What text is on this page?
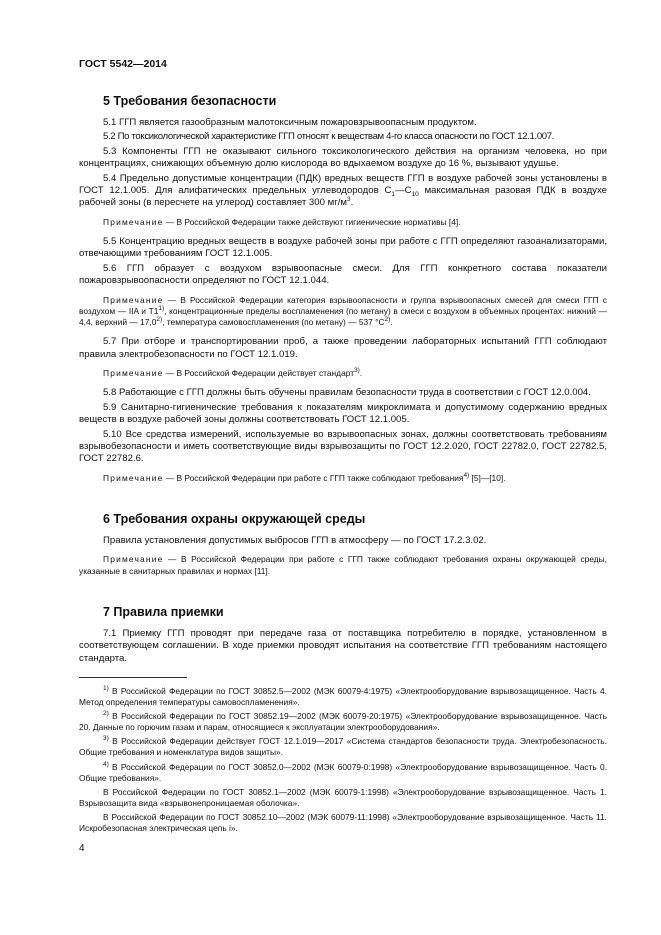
ГОСТ 5542—2014
5 Требования безопасности

5.1 ГГП является газообразным малотоксичным пожаровзрывоопасным продуктом.

5.2 По токсикологической характеристике ГГП относят к веществам 4-го класса опасности по ГОСТ 12.1.007.

5.3 Компоненты ГГП не оказывают сильного токсикологического действия на организм человека, но при концентрациях, снижающих объемную долю кислорода во вдыхаемом воздухе до 16 %, вызывают удушье.

5.4 Предельно допустимые концентрации (ПДК) вредных веществ ГГП в воздухе рабочей зоны установлены в ГОСТ 12.1.005. Для алифатических предельных углеводородов $C_1—C_{10}$ максимальная разовая ПДК в воздухе рабочей зоны (в пересчете на углерод) составляет 300 $мг/м^3$.

Примечание — В Российской Федерации также действуют гигиенические нормативы [4].

5.5 Концентрацию вредных веществ в воздухе рабочей зоны при работе с ГГП определяют газоанализаторами, отвечающими требованиям ГОСТ 12.1.005.

5.6 ГГП образует с воздухом взрывоопасные смеси. Для ГГП конкретного состава показатели пожаровзрывоопасности определяют по ГОСТ 12.1.044.

Примечание — В Российской Федерации категория взрывоопасности и группа взрывоопасных смесей для смеси ГГП с воздухом — IIA и T1$^{1)}$, концентрационные пределы воспламенения (по метану) в смеси с воздухом в объемных процентах: нижний — 4,4, верхний — 17,0$^{2)}$, температура самовоспламенения (по метану) — 537 $^\circ C^{2)}$.

5.7 При отборе и транспортировании проб, а также проведении лабораторных испытаний ГГП соблюдают правила электробезопасности по ГОСТ 12.1.019.

Примечание — В Российской Федерации действует стандарт$^{3)}$.

5.8 Работающие с ГГП должны быть обучены правилам безопасности труда в соответствии с ГОСТ 12.0.004.

5.9 Санитарно-гигиенические требования к показателям микроклимата и допустимому содержанию вредных веществ в воздухе рабочей зоны должны соответствовать ГОСТ 12.1.005.

5.10 Все средства измерений, используемые во взрывоопасных зонах, должны соответствовать требованиям взрывобезопасности и иметь соответствующие виды взрывозащиты по ГОСТ 12.2.020, ГОСТ 22782.0, ГОСТ 22782.5, ГОСТ 22782.6.

Примечание — В Российской Федерации при работе с ГГП также соблюдают требования$^{4)}$ [5]—[10].

6 Требования охраны окружающей среды

Правила установления допустимых выбросов ГГП в атмосферу — по ГОСТ 17.2.3.02.

Примечание — В Российской Федерации при работе с ГГП также соблюдают требования охраны окружающей среды, указанные в санитарных правилах и нормах [11].

7 Правила приемки

7.1 Приемку ГГП проводят при передаче газа от поставщика потребителю в порядке, установленном в соответствующем соглашении. В ходе приемки проводят испытания на соответствие ГГП требованиям настоящего стандарта.

$^{1)}$ В Российской Федерации по ГОСТ 30852.5—2002 (МЭК 60079-4:1975) «Электрооборудование взрывозащищенное. Часть 4. Метод определения температуры самовоспламенения».

$^{2)}$ В Российской Федерации по ГОСТ 30852.19—2002 (МЭК 60079-20:1975) «Электрооборудование взрывозащищенное. Часть 20. Данные по горючим газам и парам, относящиеся к эксплуатации электрооборудования».

$^{3)}$ В Российской Федерации действует ГОСТ 12.1.019—2017 «Система стандартов безопасности труда. Электробезопасность. Общие требования и номенклатура видов защиты».

$^{4)}$ В Российской Федерации по ГОСТ 30852.0—2002 (МЭК 60079-0:1998) «Электрооборудование взрывозащищенное. Часть 0. Общие требования».

В Российской Федерации по ГОСТ 30852.1—2002 (МЭК 60079-1:1998) «Электрооборудование взрывозащищенное. Часть 1. Взрывозащита вида «взрывонепроницаемая оболочка».

В Российской Федерации по ГОСТ 30852.10—2002 (МЭК 60079-11:1998) «Электрооборудование взрывозащищенное. Часть 11. Искробезопасная электрическая цепь i».

4
